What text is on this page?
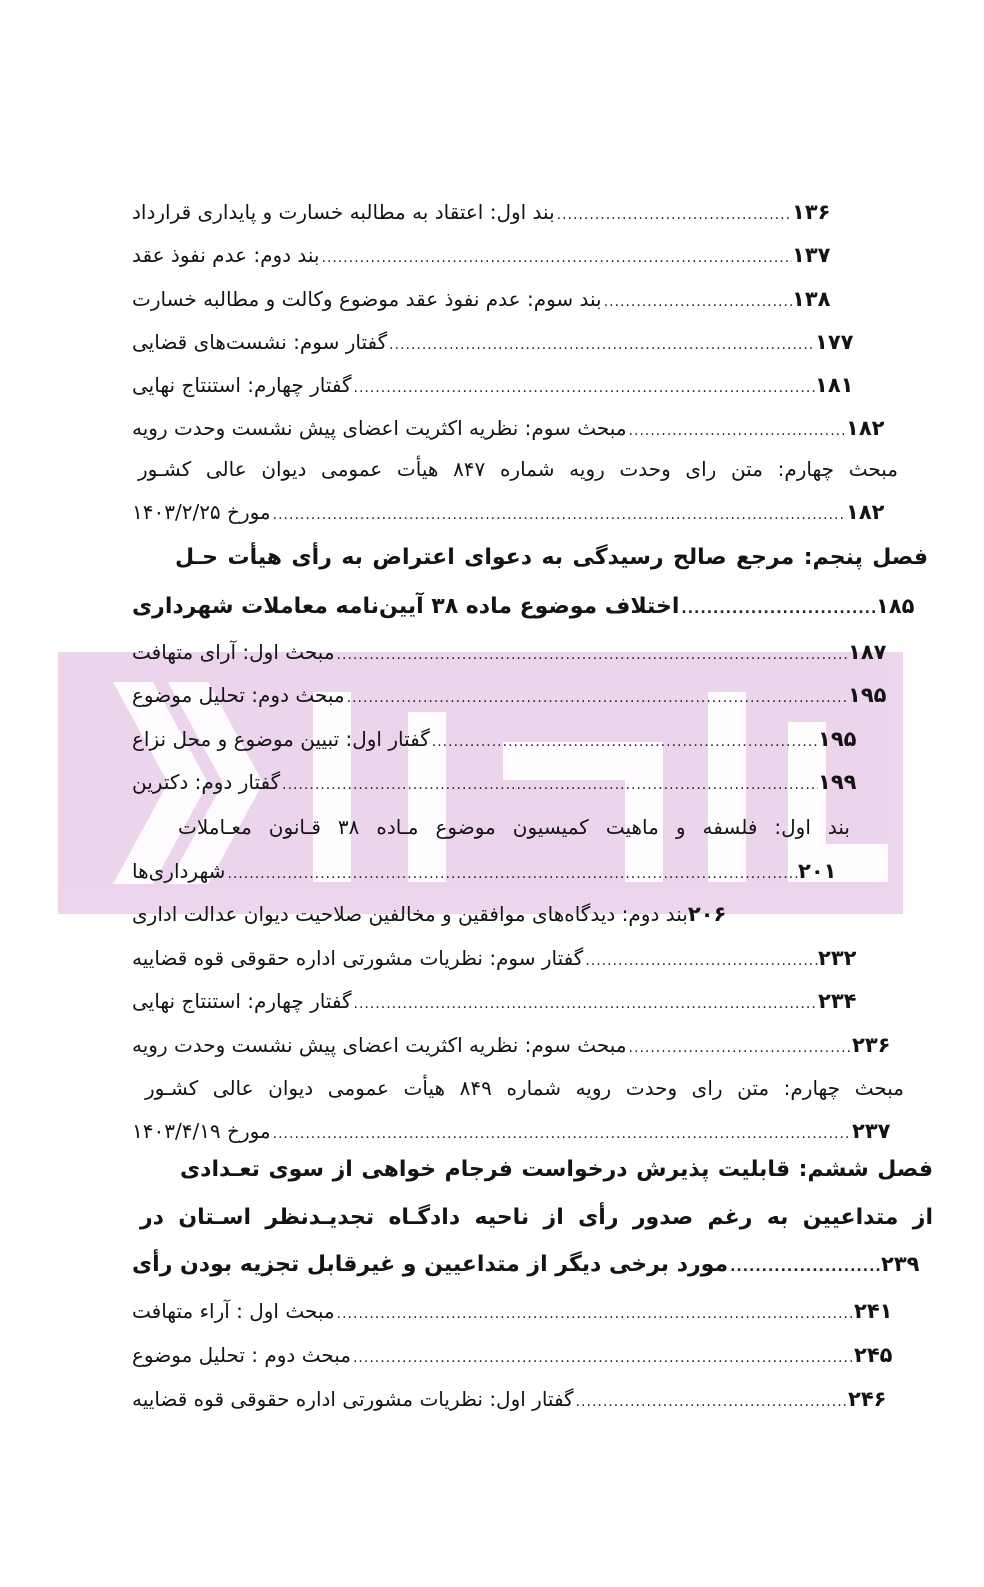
بند اول: اعتقاد به مطالبه خسارت و پایداری قرارداد .....	۱۳۶
بند دوم: عدم نفوذ عقد .....	۱۳۷
بند سوم: عدم نفوذ عقد موضوع وکالت و مطالبه خسارت .....	۱۳۸
گفتار سوم: نشست‌های قضایی .....	۱۷۷
گفتار چهارم: استنتاج نهایی .....	۱۸۱
مبحث سوم: نظریه اکثریت اعضای پیش نشست وحدت رویه .....	۱۸۲
مبحث چهارم: متن رای وحدت رویه شماره ۸۴۷ هیأت عمومی دیوان عالی کشـور
مورخ ۱۴۰۳/۲/۲۵ .....	۱۸۲
فصل پنجم: مرجع صالح رسیدگی به دعوای اعتراض به رأی هیأت حـل
اختلاف موضوع ماده ۳۸ آیین‌نامه معاملات شهرداری .....	۱۸۵
مبحث اول: آرای متهافت .....	۱۸۷
مبحث دوم: تحلیل موضوع .....	۱۹۵
گفتار اول: تبیین موضوع و محل نزاع .....	۱۹۵
گفتار دوم: دکترین .....	۱۹۹
بند اول: فلسفه و ماهیت کمیسیون موضوع مـاده ۳۸ قـانون معـاملات
شهرداری‌ها .....	۲۰۱
بند دوم: دیدگاه‌های موافقین و مخالفین صلاحیت دیوان عدالت اداری ۲۰۶
گفتار سوم: نظریات مشورتی اداره حقوقی قوه قضاییه .....	۲۳۲
گفتار چهارم: استنتاج نهایی .....	۲۳۴
مبحث سوم: نظریه اکثریت اعضای پیش نشست وحدت رویه .....	۲۳۶
مبحث چهارم: متن رای وحدت رویه شماره ۸۴۹ هیأت عمومی دیوان عالی کشـور
مورخ ۱۴۰۳/۴/۱۹ .....	۲۳۷
فصل ششم: قابلیت پذیرش درخواست فرجام خواهی از سوی تعـدادی
از متداعیین به رغم صدور رأی از ناحیه دادگـاه تجدیـدنظر اسـتان در
مورد برخی دیگر از متداعیین و غیرقابل تجزیه بودن رأی .....	۲۳۹
مبحث اول : آراء متهافت .....	۲۴۱
مبحث دوم : تحلیل موضوع .....	۲۴۵
گفتار اول: نظریات مشورتی اداره حقوقی قوه قضاییه .....	۲۴۶
